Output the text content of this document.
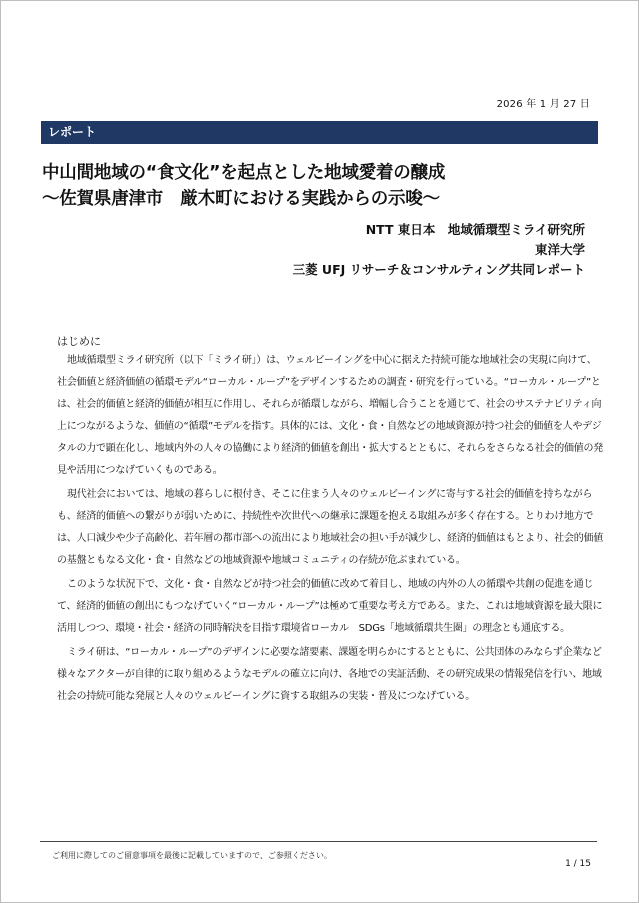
2026 年 1 月 27 日
レポート
中山間地域の“食文化”を起点とした地域愛着の醸成
～佐賀県唐津市　厳木町における実践からの示唆～
NTT 東日本　地域循環型ミライ研究所
東洋大学
三菱 UFJ リサーチ＆コンサルティング共同レポート
はじめに

地域循環型ミライ研究所（以下「ミライ研」）は、ウェルビーイングを中心に据えた持続可能な地域社会の実現に向けて、社会価値と経済価値の循環モデル“ローカル・ループ”をデザインするための調査・研究を行っている。“ローカル・ループ”とは、社会的価値と経済的価値が相互に作用し、それらが循環しながら、増幅し合うことを通じて、社会のサステナビリティ向上につながるような、価値の“循環”モデルを指す。具体的には、文化・食・自然などの地域資源が持つ社会的価値を人やデジタルの力で顕在化し、地域内外の人々の協働により経済的価値を創出・拡大するとともに、それらをさらなる社会的価値の発見や活用につなげていくものである。

現代社会においては、地域の暮らしに根付き、そこに住まう人々のウェルビーイングに寄与する社会的価値を持ちながらも、経済的価値への繋がりが弱いために、持続性や次世代への継承に課題を抱える取組みが多く存在する。とりわけ地方では、人口減少や少子高齢化、若年層の都市部への流出により地域社会の担い手が減少し、経済的価値はもとより、社会的価値の基盤ともなる文化・食・自然などの地域資源や地域コミュニティの存続が危ぶまれている。

このような状況下で、文化・食・自然などが持つ社会的価値に改めて着目し、地域の内外の人の循環や共創の促進を通じて、経済的価値の創出にもつなげていく“ローカル・ループ”は極めて重要な考え方である。また、これは地域資源を最大限に活用しつつ、環境・社会・経済の同時解決を目指す環境省ローカル　SDGs「地域循環共生圏」の理念とも通底する。

ミライ研は、“ローカル・ループ”のデザインに必要な諸要素、課題を明らかにするとともに、公共団体のみならず企業など様々なアクターが自律的に取り組めるようなモデルの確立に向け、各地での実証活動、その研究成果の情報発信を行い、地域社会の持続可能な発展と人々のウェルビーイングに資する取組みの実装・普及につなげている。

ご利用に際してのご留意事項を最後に記載していますので、ご参照ください。
1 / 15
